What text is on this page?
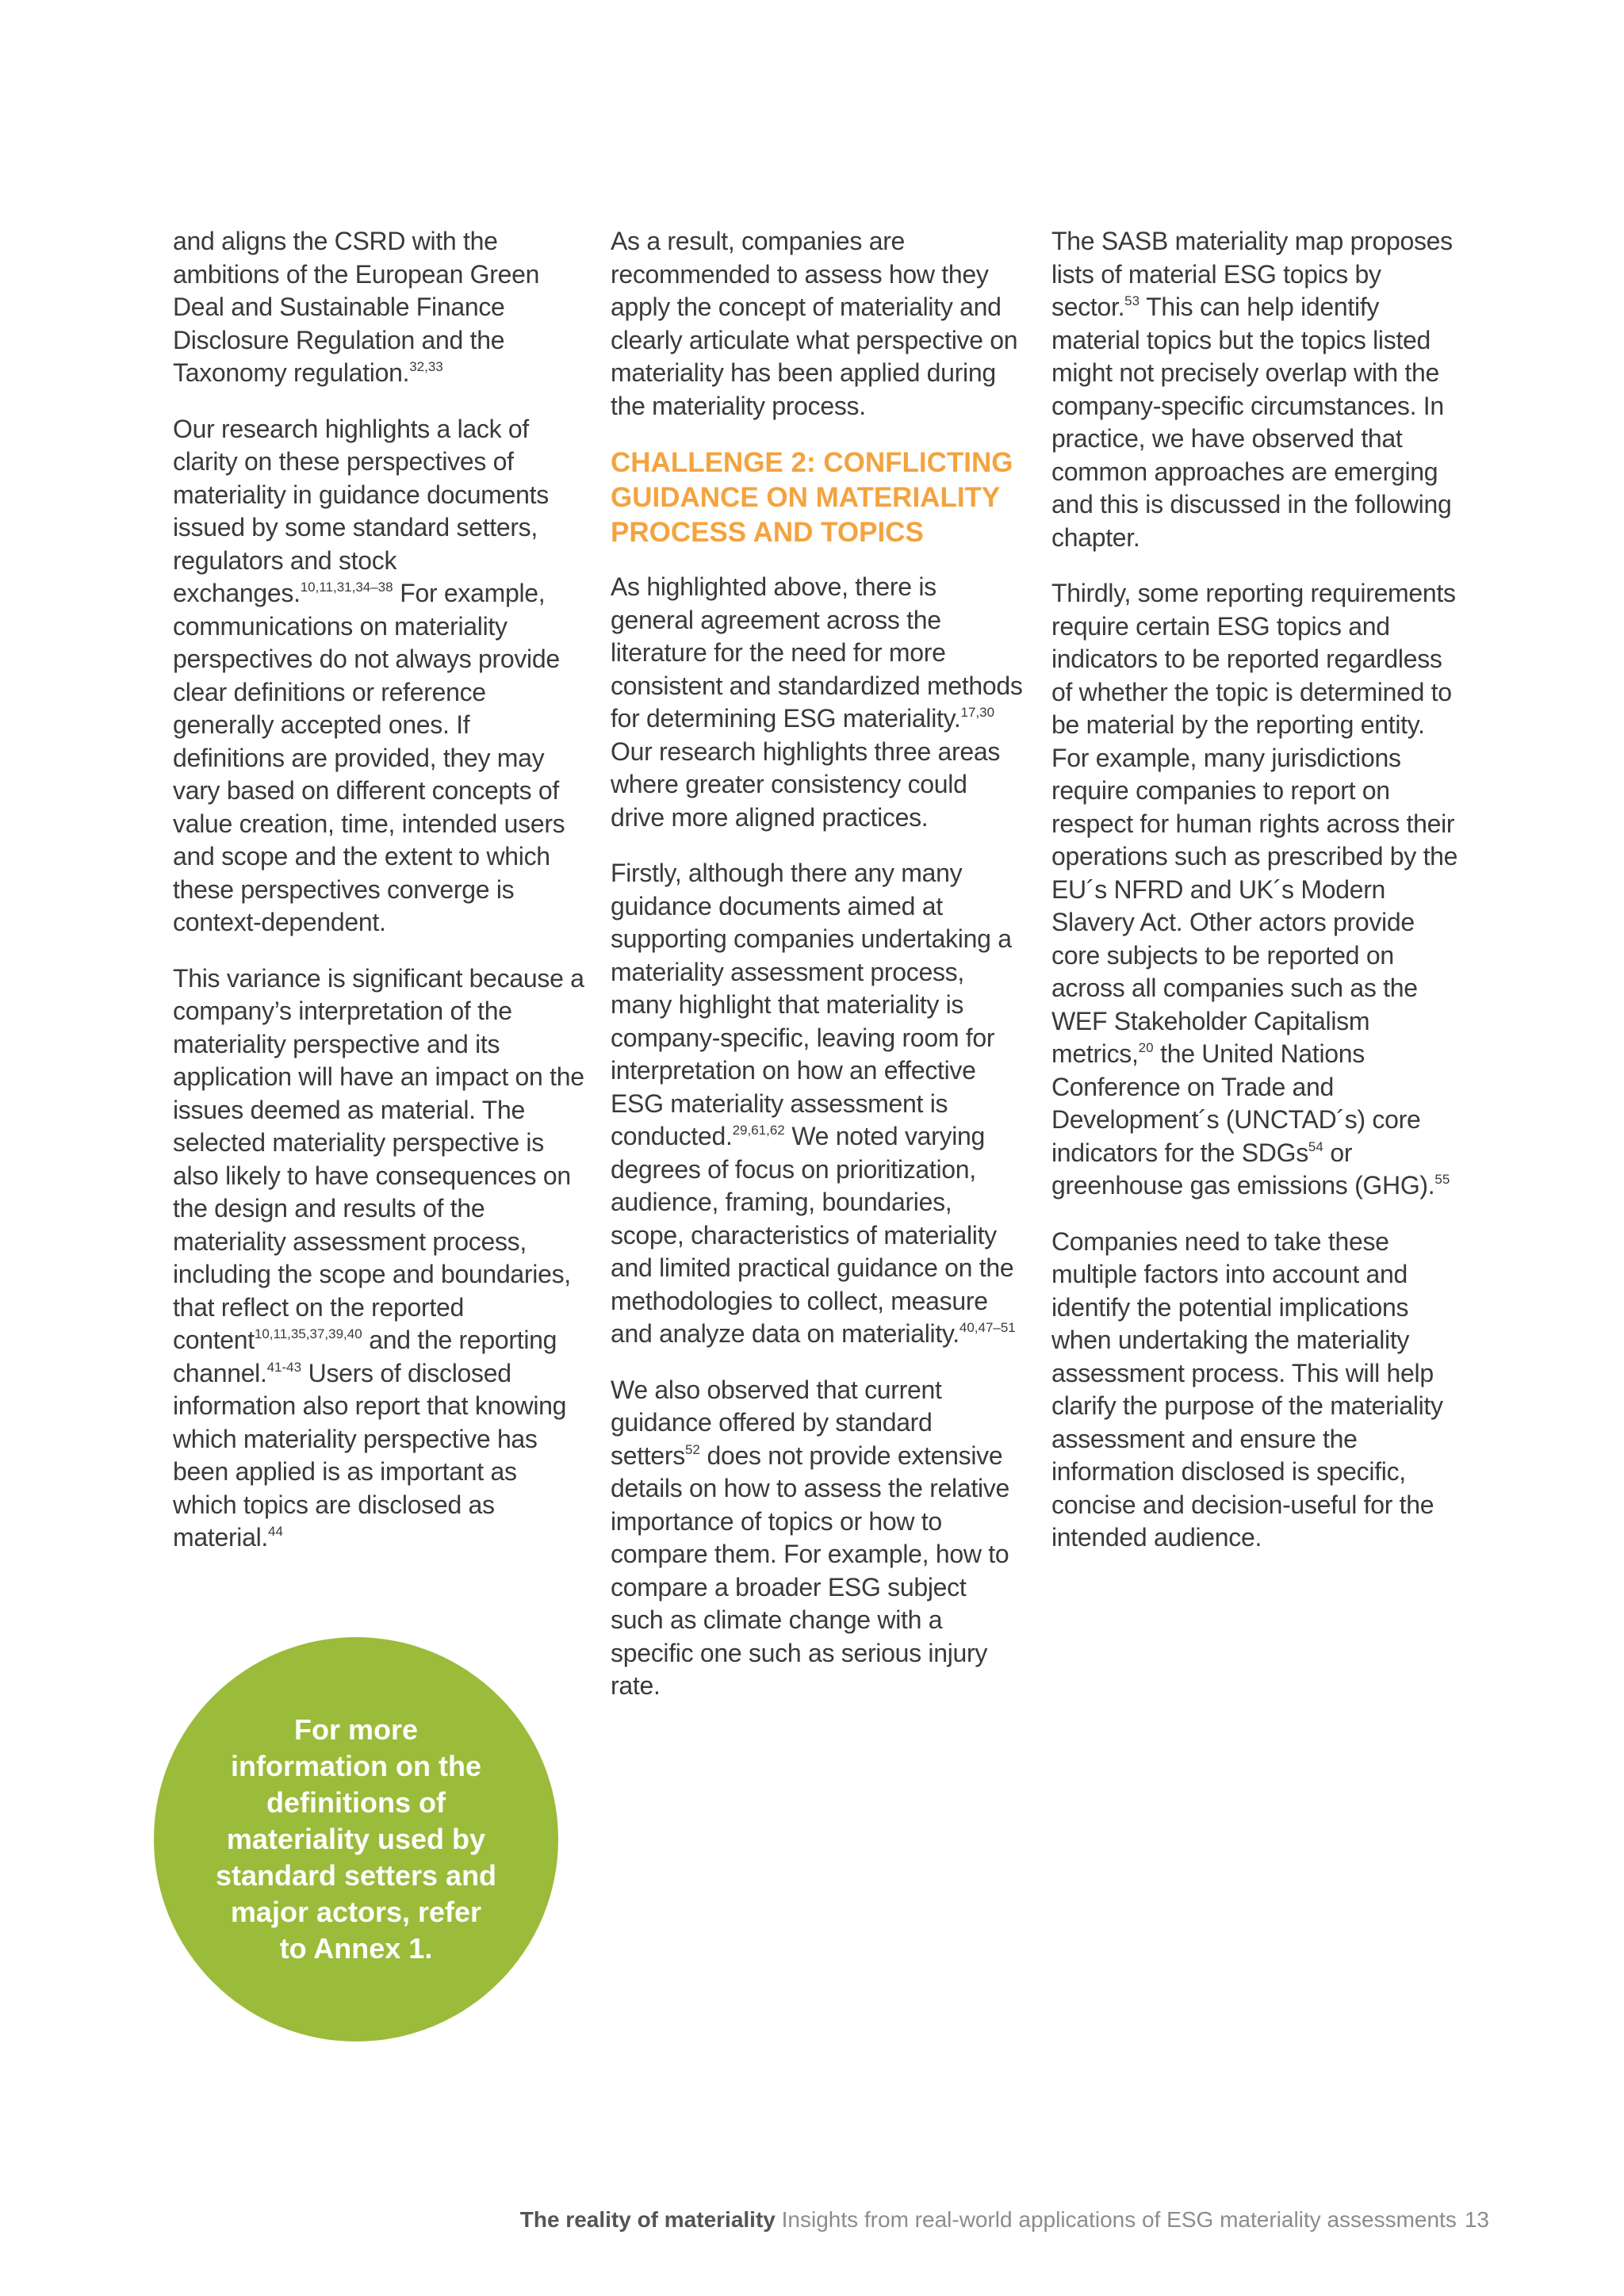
and aligns the CSRD with the ambitions of the European Green Deal and Sustainable Finance Disclosure Regulation and the Taxonomy regulation.$^{32,33}$

Our research highlights a lack of clarity on these perspectives of materiality in guidance documents issued by some standard setters, regulators and stock exchanges.$^{10,11,31,34-38}$ For example, communications on materiality perspectives do not always provide clear definitions or reference generally accepted ones. If definitions are provided, they may vary based on different concepts of value creation, time, intended users and scope and the extent to which these perspectives converge is context-dependent.

This variance is significant because a company’s interpretation of the materiality perspective and its application will have an impact on the issues deemed as material. The selected materiality perspective is also likely to have consequences on the design and results of the materiality assessment process, including the scope and boundaries, that reflect on the reported content$^{10,11,35,37,39,40}$ and the reporting channel.$^{41-43}$ Users of disclosed information also report that knowing which materiality perspective has been applied is as important as which topics are disclosed as material.$^{44}$

As a result, companies are recommended to assess how they apply the concept of materiality and clearly articulate what perspective on materiality has been applied during the materiality process.

CHALLENGE 2: CONFLICTING GUIDANCE ON MATERIALITY PROCESS AND TOPICS

As highlighted above, there is general agreement across the literature for the need for more consistent and standardized methods for determining ESG materiality.$^{17,30}$ Our research highlights three areas where greater consistency could drive more aligned practices.

Firstly, although there any many guidance documents aimed at supporting companies undertaking a materiality assessment process, many highlight that materiality is company-specific, leaving room for interpretation on how an effective ESG materiality assessment is conducted.$^{29,61,62}$ We noted varying degrees of focus on prioritization, audience, framing, boundaries, scope, characteristics of materiality and limited practical guidance on the methodologies to collect, measure and analyze data on materiality.$^{40,47-51}$

We also observed that current guidance offered by standard setters$^{52}$ does not provide extensive details on how to assess the relative importance of topics or how to compare them. For example, how to compare a broader ESG subject such as climate change with a specific one such as serious injury rate.

The SASB materiality map proposes lists of material ESG topics by sector.$^{53}$ This can help identify material topics but the topics listed might not precisely overlap with the company-specific circumstances. In practice, we have observed that common approaches are emerging and this is discussed in the following chapter.

Thirdly, some reporting requirements require certain ESG topics and indicators to be reported regardless of whether the topic is determined to be material by the reporting entity. For example, many jurisdictions require companies to report on respect for human rights across their operations such as prescribed by the EU´s NFRD and UK´s Modern Slavery Act. Other actors provide core subjects to be reported on across all companies such as the WEF Stakeholder Capitalism metrics,$^{20}$ the United Nations Conference on Trade and Development´s (UNCTAD´s) core indicators for the SDGs$^{54}$ or greenhouse gas emissions (GHG).$^{55}$

Companies need to take these multiple factors into account and identify the potential implications when undertaking the materiality assessment process. This will help clarify the purpose of the materiality assessment and ensure the information disclosed is specific, concise and decision-useful for the intended audience.

For more information on the definitions of materiality used by standard setters and major actors, refer to Annex 1.
The reality of materiality Insights from real-world applications of ESG materiality assessments 13
